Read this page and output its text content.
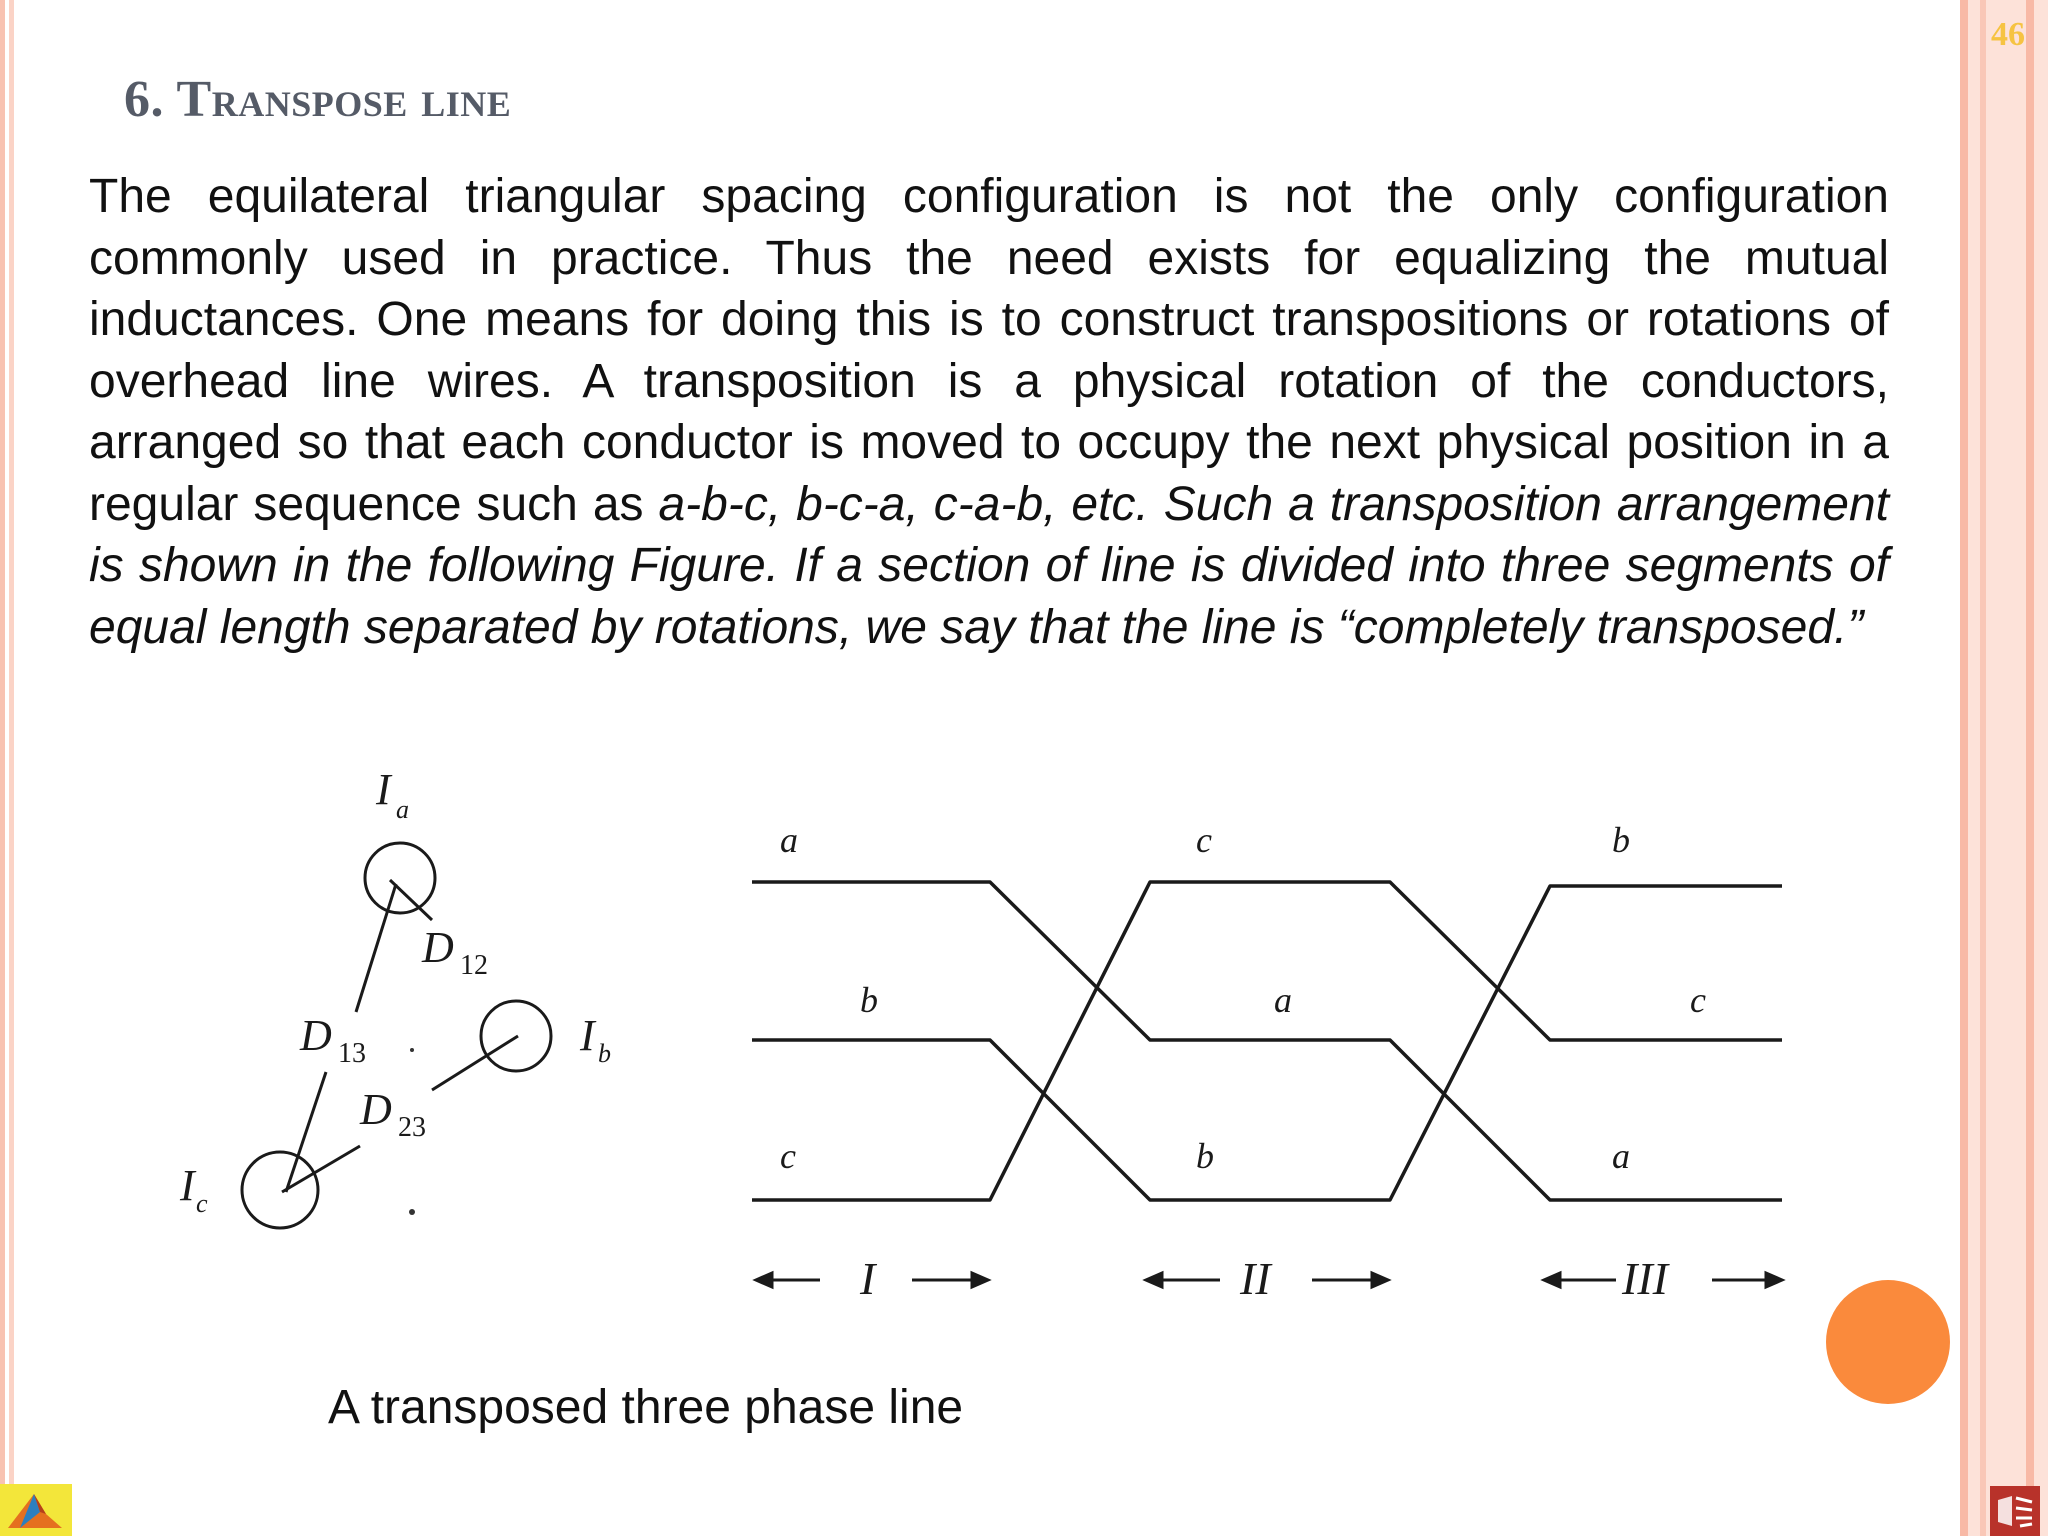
46
6. Transpose line

The equilateral triangular spacing configuration is not the only configuration commonly used in practice. Thus the need exists for equalizing the mutual inductances. One means for doing this is to construct transpositions or rotations of overhead line wires. A transposition is a physical rotation of the conductors, arranged so that each conductor is moved to occupy the next physical position in a regular sequence such as a-b-c, b-c-a, c-a-b, etc. Such a transposition arrangement is shown in the following Figure. If a section of line is divided into three segments of equal length separated by rotations, we say that the line is “completely transposed.”

I a
D 12
D 13	I b
D 23
I c
a
b
c
c
a
b
b
c
a
I	II	III

A transposed three phase line
